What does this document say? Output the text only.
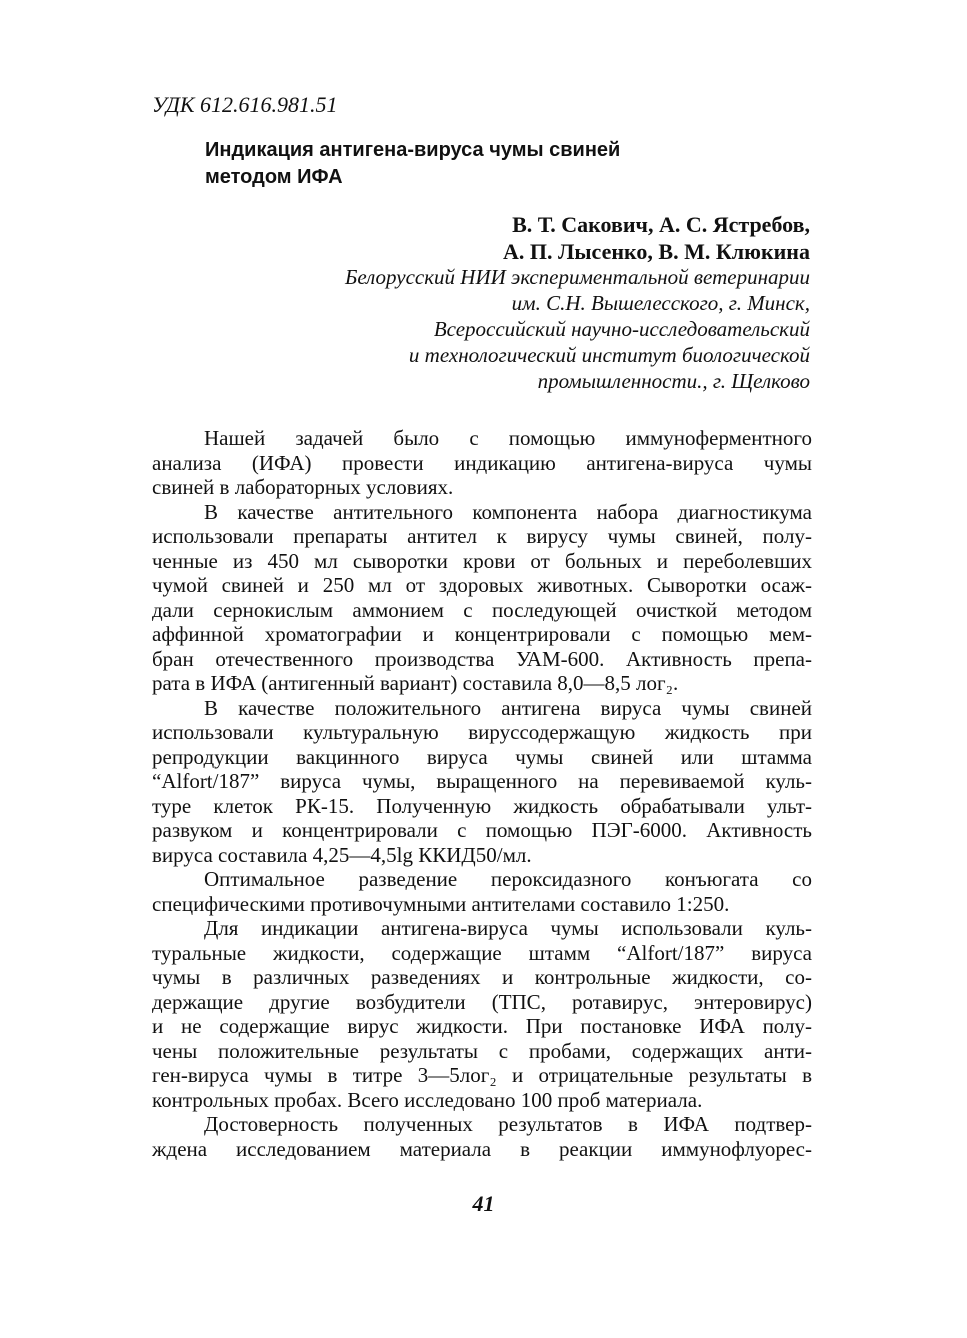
УДК 612.616.981.51
Индикация антигена-вируса чумы свиней
методом ИФА
В. Т. Сакович, А. С. Ястребов,
А. П. Лысенко, В. М. Клюкина
Белорусский НИИ экспериментальной ветеринарии
им. С.Н. Вышелесского, г. Минск,
Всероссийский научно-исследовательский
и технологический институт биологической
промышленности., г. Щелково
Нашей задачей было с помощью иммуноферментного
анализа (ИФА) провести индикацию антигена-вируса чумы
свиней в лабораторных условиях.
В качестве антительного компонента набора диагностикума
использовали препараты антител к вирусу чумы свиней, полу-
ченные из 450 мл сыворотки крови от больных и переболевших
чумой свиней и 250 мл от здоровых животных. Сыворотки осаж-
дали сернокислым аммонием с последующей очисткой методом
аффинной хроматографии и концентрировали с помощью мем-
бран отечественного производства УАМ-600. Активность препа-
рата в ИФА (антигенный вариант) составила 8,0—8,5 лог₂.
В качестве положительного антигена вируса чумы свиней
использовали культуральную вируссодержащую жидкость при
репродукции вакцинного вируса чумы свиней или штамма
“Alfort/187” вируса чумы, выращенного на перевиваемой куль-
туре клеток РК-15. Полученную жидкость обрабатывали ульт-
развуком и концентрировали с помощью ПЭГ-6000. Активность
вируса составила 4,25—4,5lg ККИД50/мл.
Оптимальное разведение пероксидазного конъюгата со
специфическими противочумными антителами составило 1:250.
Для индикации антигена-вируса чумы использовали куль-
туральные жидкости, содержащие штамм “Alfort/187” вируса
чумы в различных разведениях и контрольные жидкости, со-
держащие другие возбудители (ТПС, ротавирус, энтеровирус)
и не содержащие вирус жидкости. При постановке ИФА полу-
чены положительные результаты с пробами, содержащих анти-
ген-вируса чумы в титре 3—5лог₂ и отрицательные результаты в
контрольных пробах. Всего исследовано 100 проб материала.
Достоверность полученных результатов в ИФА подтвер-
ждена исследованием материала в реакции иммунофлуорес-
41
